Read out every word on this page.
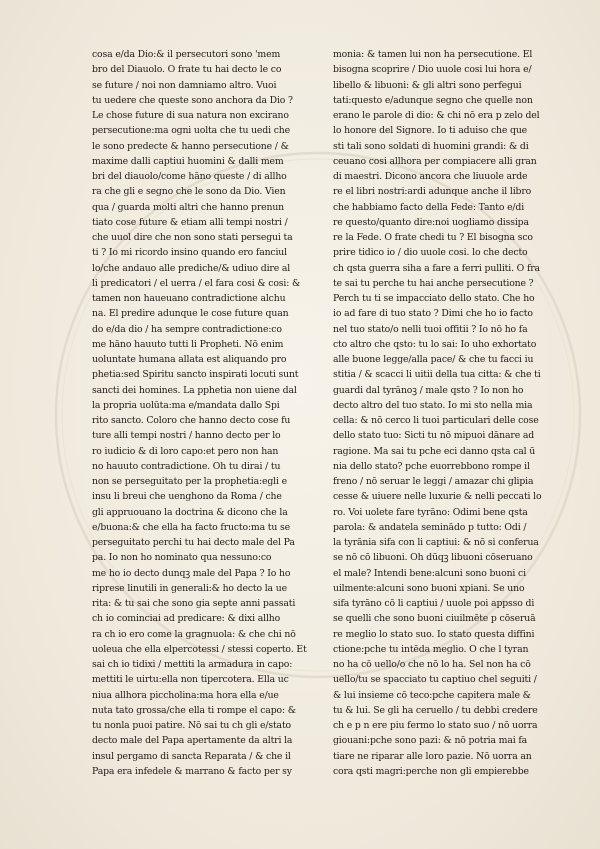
cosa e/da Dio:& il persecutori sono 'mem
bro del Diauolo. O frate tu hai decto le co
se future / noi non damniamo altro. Vuoi
tu uedere che queste sono anchora da Dio ?
Le chose future di sua natura non excirano
persecutione:ma ogni uolta che tu uedi che
le sono predecte & hanno persecutione / &
maxime dalli captiui huomini & dalli mem
bri del diauolo/come hāno queste / di allho
ra che gli e segno che le sono da Dio. Vien
qua / guarda molti altri che hanno prenun
tiato cose future & etiam alli tempi nostri /
che uuol dire che non sono stati persegui ta
ti ? Io mi ricordo insino quando ero fanciul
lo/che andauo alle prediche/& udiuo dire al
li predicatori / el uerra / el fara cosi & cosi: &
tamen non haueuano contradictione alchu
na. El predire adunque le cose future quan
do e/da dio / ha sempre contradictione:co
me hāno hauuto tutti li Propheti. Nō enim
uoluntate humana allata est aliquando pro
phetia:sed Spiritu sancto inspirati locuti sunt
sancti dei homines. La pphetia non uiene dal
la propria uolūta:ma e/mandata dallo Spi
rito sancto. Coloro che hanno decto cose fu
ture alli tempi nostri / hanno decto per lo
ro iudicio & di loro capo:et pero non han
no hauuto contradictione. Oh tu dirai / tu
non se perseguitato per la prophetia:egli e
insu li breui che uenghono da Roma / che
gli appruouano la doctrina & dicono che la
e/buona:& che ella ha facto fructo:ma tu se
perseguitato perchi tu hai decto male del Pa
pa. Io non ho nominato qua nessuno:co
me ho io decto dunqꝫ male del Papa ? Io ho
riprese linutili in generali:& ho decto la ue
rita: & tu sai che sono gia septe anni passati
ch io cominciai ad predicare: & dixi allho
ra ch io ero come la gragnuola: & che chi nō
uoleua che ella elpercotessi / stessi coperto. Et
sai ch io tidixi / mettiti la armadura in capo:
mettiti le uirtu:ella non tipercotera. Ella uc
niua allhora piccholina:ma hora ella e/ue
nuta tato grossa/che ella ti rompe el capo: &
tu nonla puoi patire. Nō sai tu ch gli e/stato
decto male del Papa apertamente da altri la
insul pergamo di sancta Reparata / & che il
Papa era infedele & marrano & facto per sy
monia: & tamen lui non ha persecutione. El
bisogna scoprire / Dio uuole cosi lui hora e/
libello & libuoni: & gli altri sono perfegui
tati:questo e/adunque segno che quelle non
erano le parole di dio: & chi nō era p zelo del
lo honore del Signore. Io ti aduiso che que
sti tali sono soldati di huomini grandi: & di
ceuano cosi allhora per compiacere alli gran
di maestri. Dicono ancora che liuuole arde
re el libri nostri:ardi adunque anche il libro
che habbiamo facto della Fede: Tanto e/di
re questo/quanto dire:noi uogliamo dissipa
re la Fede. O frate chedi tu ? El bisogna sco
prire tidico io / dio uuole cosi. lo che decto
ch qsta guerra siha a fare a ferri pulliti. O fra
te sai tu perche tu hai anche persecutione ?
Perch tu ti se impacciato dello stato. Che ho
io ad fare di tuo stato ? Dimi che ho io facto
nel tuo stato/o nelli tuoi offitii ? Io nō ho fa
cto altro che qsto: tu lo sai: Io uho exhortato
alle buone legge/alla pace/ & che tu facci iu
stitia / & scacci li uitii della tua citta: & che ti
guardi dal tyrānoꝫ / male qsto ? Io non ho
decto altro del tuo stato. Io mi sto nella mia
cella: & nō cerco li tuoi particulari delle cose
dello stato tuo: Sicti tu nō mipuoi dānare ad
ragione. Ma sai tu pche eci danno qsta cal ū
nia dello stato? pche euorrebbono rompe il
freno / nō seruar le leggi / amazar chi glipia
cesse & uiuere nelle luxurie & nelli peccati lo
ro. Voi uolete fare tyrāno: Odimi bene qsta
parola: & andatela seminādo p tutto: Odi /
la tyrānia sifa con li captiui: & nō si conferua
se nō cō libuoni. Oh dūqꝫ libuoni cōseruano
el male? Intendi bene:alcuni sono buoni ci
uilmente:alcuni sono buoni xpiani. Se uno
sifa tyrāno cō li captiui / uuole poi appsso di
se quelli che sono buoni ciuilmēte p cōseruā
re meglio lo stato suo. Io stato questa diffini
ctione:pche tu intēda meglio. O che l tyran
no ha cō uello/o che nō lo ha. Sel non ha cō
uello/tu se spacciato tu captiuo chel seguiti /
& lui insieme cō teco:pche capitera male &
tu & lui. Se gli ha ceruello / tu debbi credere
ch e p n ere piu fermo lo stato suo / nō uorra
giouani:pche sono pazi: & nō potria mai fa
tiare ne riparar alle loro pazie. Nō uorra an
cora qsti magri:perche non gli empierebbe
